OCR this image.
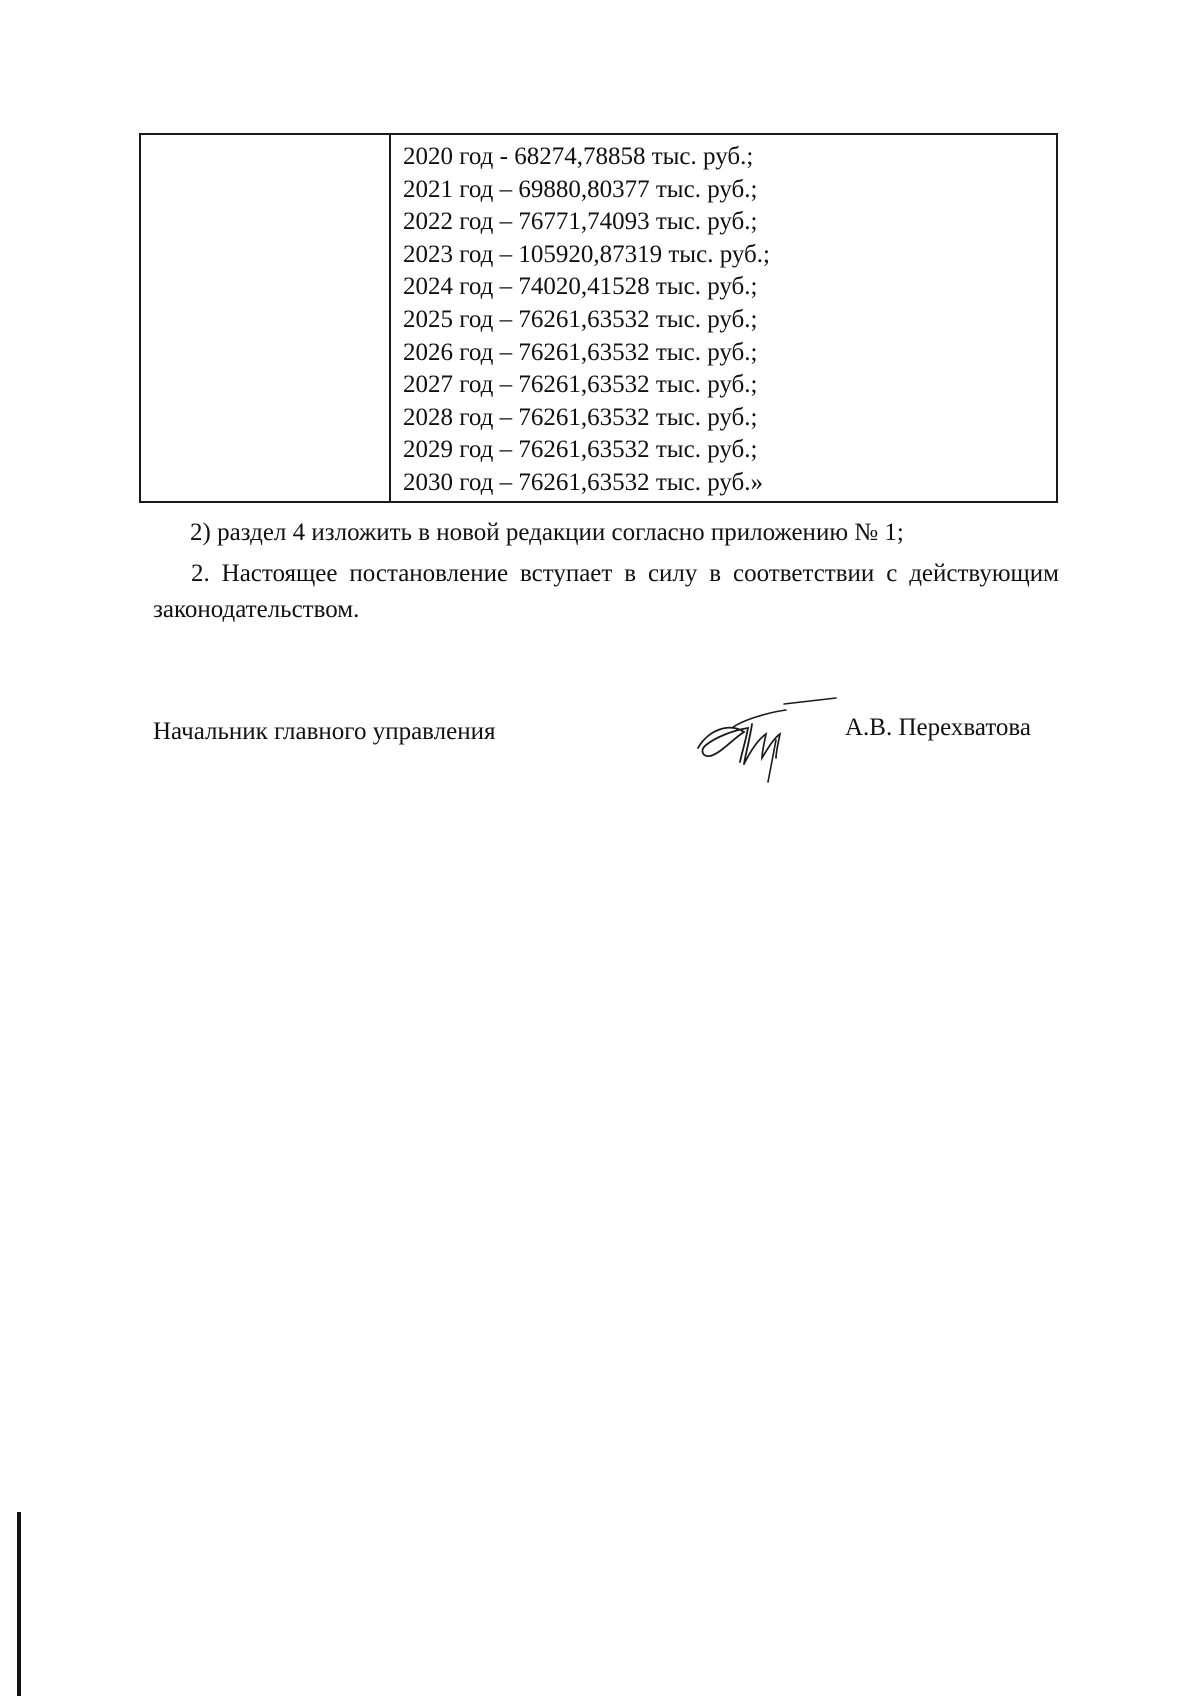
2020 год - 68274,78858 тыс. руб.;
2021 год – 69880,80377 тыс. руб.;
2022 год – 76771,74093 тыс. руб.;
2023 год – 105920,87319 тыс. руб.;
2024 год – 74020,41528 тыс. руб.;
2025 год – 76261,63532 тыс. руб.;
2026 год – 76261,63532 тыс. руб.;
2027 год – 76261,63532 тыс. руб.;
2028 год – 76261,63532 тыс. руб.;
2029 год – 76261,63532 тыс. руб.;
2030 год – 76261,63532 тыс. руб.»
2) раздел 4 изложить в новой редакции согласно приложению № 1;
2. Настоящее постановление вступает в силу в соответствии с действующим законодательством.
Начальник главного управления	А.В. Перехватова
